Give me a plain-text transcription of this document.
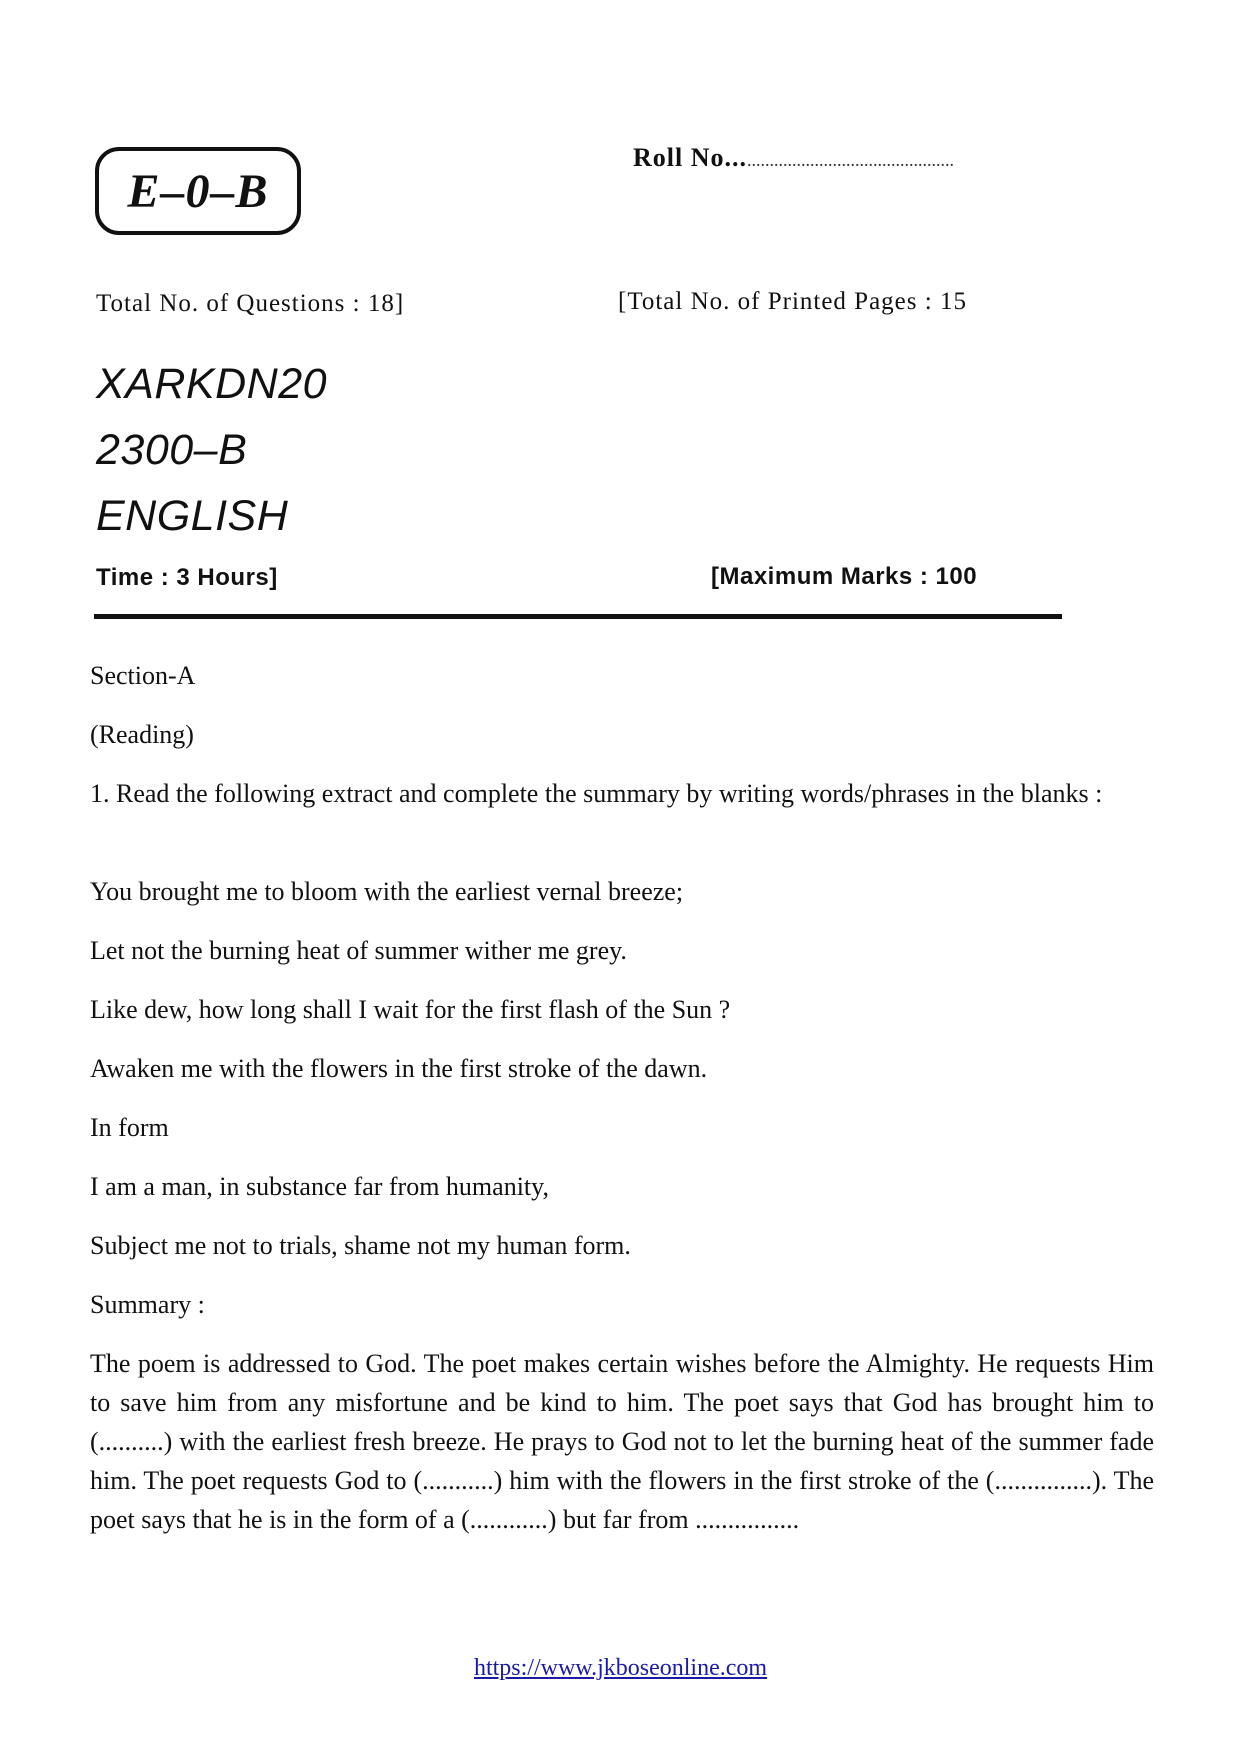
E–0–B
Roll No.................................................
Total No. of Questions : 18]	[Total No. of Printed Pages : 15
XARKDN20
2300–B
ENGLISH
Time : 3 Hours]	[Maximum Marks : 100
Section-A
(Reading)
1. Read the following extract and complete the summary by writing words/phrases in the blanks :
You brought me to bloom with the earliest vernal breeze;
Let not the burning heat of summer wither me grey.
Like dew, how long shall I wait for the first flash of the Sun ?
Awaken me with the flowers in the first stroke of the dawn.
In form
I am a man, in substance far from humanity,
Subject me not to trials, shame not my human form.
Summary :
The poem is addressed to God. The poet makes certain wishes before the Almighty. He requests Him to save him from any misfortune and be kind to him. The poet says that God has brought him to (..........) with the earliest fresh breeze. He prays to God not to let the burning heat of the summer fade him. The poet requests God to (...........) him with the flowers in the first stroke of the (...............). The poet says that he is in the form of a (............) but far from ................
https://www.jkboseonline.com
